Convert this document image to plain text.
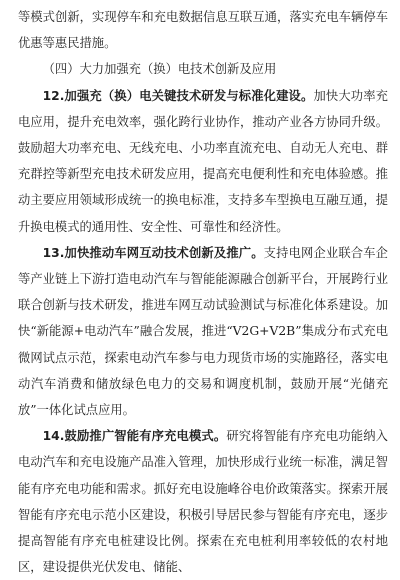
等模式创新，实现停车和充电数据信息互联互通，落实充电车辆停车优惠等惠民措施。

（四）大力加强充（换）电技术创新及应用

12.加强充（换）电关键技术研发与标准化建设。加快大功率充电应用，提升充电效率，强化跨行业协作，推动产业各方协同升级。鼓励超大功率充电、无线充电、小功率直流充电、自动无人充电、群充群控等新型充电技术研发应用，提高充电便利性和充电体验感。推动主要应用领域形成统一的换电标准，支持多车型换电互融互通，提升换电模式的通用性、安全性、可靠性和经济性。

13.加快推动车网互动技术创新及推广。支持电网企业联合车企等产业链上下游打造电动汽车与智能能源融合创新平台，开展跨行业联合创新与技术研发，推进车网互动试验测试与标准化体系建设。加快“新能源+电动汽车”融合发展，推进“V2G+V2B”集成分布式充电微网试点示范，探索电动汽车参与电力现货市场的实施路径，落实电动汽车消费和储放绿色电力的交易和调度机制，鼓励开展“光储充放”一体化试点应用。

14.鼓励推广智能有序充电模式。研究将智能有序充电功能纳入电动汽车和充电设施产品准入管理，加快形成行业统一标准，满足智能有序充电功能和需求。抓好充电设施峰谷电价政策落实。探索开展智能有序充电示范小区建设，积极引导居民参与智能有序充电，逐步提高智能有序充电桩建设比例。探索在充电桩利用率较低的农村地区，建设提供光伏发电、储能、
